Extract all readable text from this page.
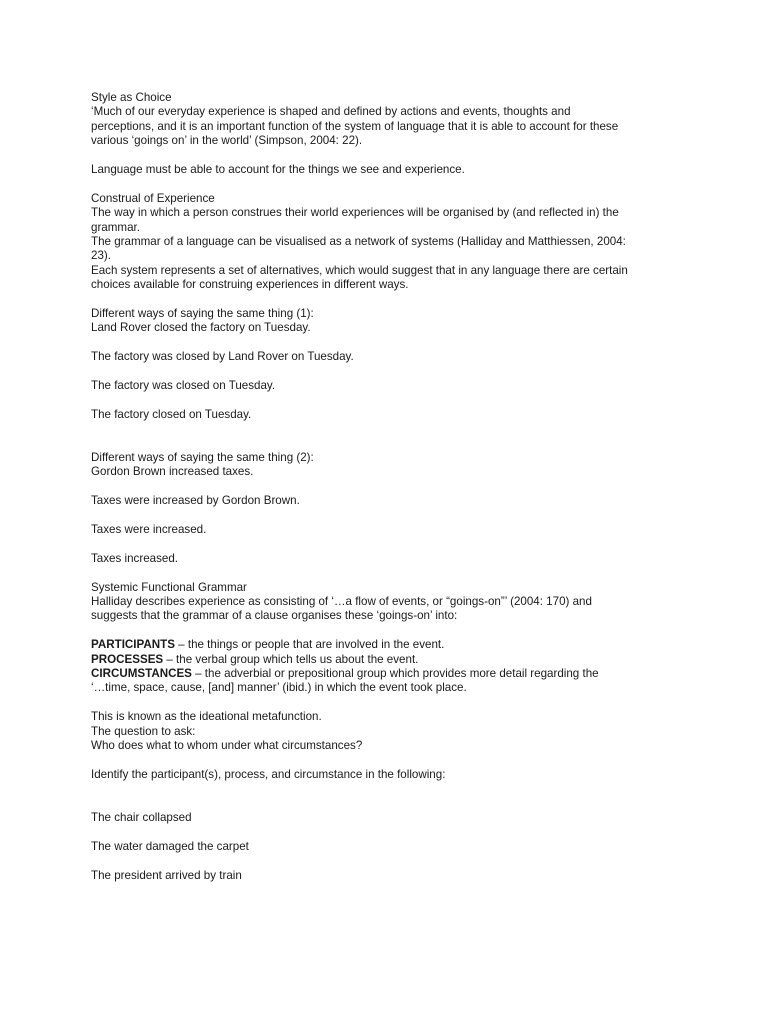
Style as Choice

‘Much of our everyday experience is shaped and defined by actions and events, thoughts and

perceptions, and it is an important function of the system of language that it is able to account for these

various ‘goings on’ in the world’ (Simpson, 2004: 22).

Language must be able to account for the things we see and experience.

Construal of Experience

The way in which a person construes their world experiences will be organised by (and reflected in) the

grammar.

The grammar of a language can be visualised as a network of systems (Halliday and Matthiessen, 2004:

23).

Each system represents a set of alternatives, which would suggest that in any language there are certain

choices available for construing experiences in different ways.

Different ways of saying the same thing (1):

Land Rover closed the factory on Tuesday.

The factory was closed by Land Rover on Tuesday.

The factory was closed on Tuesday.

The factory closed on Tuesday.

Different ways of saying the same thing (2):

Gordon Brown increased taxes.

Taxes were increased by Gordon Brown.

Taxes were increased.

Taxes increased.

Systemic Functional Grammar

Halliday describes experience as consisting of ‘…a flow of events, or “goings-on”’ (2004: 170) and

suggests that the grammar of a clause organises these ‘goings-on’ into:

PARTICIPANTS – the things or people that are involved in the event.

PROCESSES – the verbal group which tells us about the event.

CIRCUMSTANCES – the adverbial or prepositional group which provides more detail regarding the

‘…time, space, cause, [and] manner’ (ibid.) in which the event took place.

This is known as the ideational metafunction.

The question to ask:

Who does what to whom under what circumstances?

Identify the participant(s), process, and circumstance in the following:

The chair collapsed

The water damaged the carpet

The president arrived by train
